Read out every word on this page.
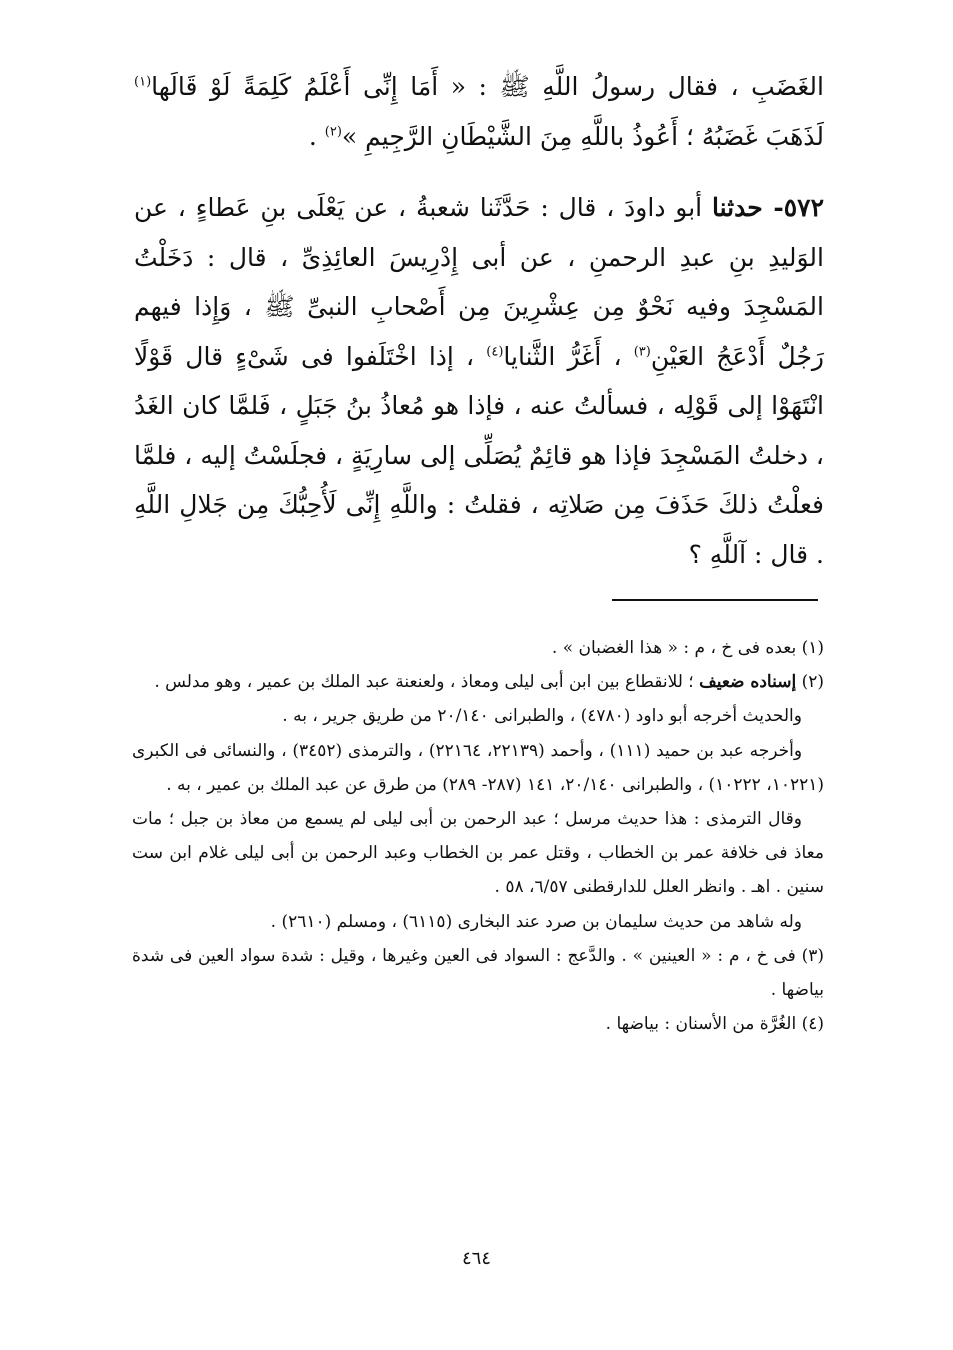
الغَضَبِ ، فقال رسولُ اللَّهِ ﷺ : « أَمَا إِنِّى أَعْلَمُ كَلِمَةً لَوْ قَالَها$^{(١)}$ لَذَهَبَ غَضَبُهُ ؛ أَعُوذُ باللَّهِ مِنَ الشَّيْطَانِ الرَّجِيمِ »$^{(٢)}$ .

٥٧٢- حدثنا أبو داودَ ، قال : حَدَّثَنا شعبةُ ، عن يَعْلَى بنِ عَطاءٍ ، عن الوَليدِ بنِ عبدِ الرحمنِ ، عن أبى إِدْرِيسَ العائِذِىِّ ، قال : دَخَلْتُ المَسْجِدَ وفيه نَحْوٌ مِن عِشْرِينَ مِن أَصْحابِ النبىِّ ﷺ ، وَإِذا فيهم رَجُلٌ أَدْعَجُ العَيْنِ$^{(٣)}$ ، أَغَرُّ الثَّنايا$^{(٤)}$ ، إذا اخْتَلَفوا فى شَىْءٍ قال قَوْلًا انْتَهَوْا إلى قَوْلِه ، فسألتُ عنه ، فإذا هو مُعاذُ بنُ جَبَلٍ ، فَلمَّا كان الغَدُ ، دخلتُ المَسْجِدَ فإذا هو قائِمٌ يُصَلِّى إلى سارِيَةٍ ، فجلَسْتُ إليه ، فلمَّا فعلْتُ ذلكَ حَذَفَ مِن صَلاتِه ، فقلتُ : واللَّهِ إِنِّى لَأُحِبُّكَ مِن جَلالِ اللَّهِ . قال : آللَّهِ ؟

(١) بعده فى خ ، م : « هذا الغضبان » .

(٢) إسناده ضعيف ؛ للانقطاع بين ابن أبى ليلى ومعاذ ، ولعنعنة عبد الملك بن عمير ، وهو مدلس .

والحديث أخرجه أبو داود (٤٧٨٠) ، والطبرانى ٢٠/١٤٠ من طريق جرير ، به .

وأخرجه عبد بن حميد (١١١) ، وأحمد (٢٢١٣٩، ٢٢١٦٤) ، والترمذى (٣٤٥٢) ، والنسائى فى الكبرى (١٠٢٢١، ١٠٢٢٢) ، والطبرانى ٢٠/١٤٠، ١٤١ (٢٨٧- ٢٨٩) من طرق عن عبد الملك بن عمير ، به .

وقال الترمذى : هذا حديث مرسل ؛ عبد الرحمن بن أبى ليلى لم يسمع من معاذ بن جبل ؛ مات معاذ فى خلافة عمر بن الخطاب ، وقتل عمر بن الخطاب وعبد الرحمن بن أبى ليلى غلام ابن ست سنين . اهـ . وانظر العلل للدارقطنى ٦/٥٧، ٥٨ .

وله شاهد من حديث سليمان بن صرد عند البخارى (٦١١٥) ، ومسلم (٢٦١٠) .

(٣) فى خ ، م : « العينين » . والدَّعج : السواد فى العين وغيرها ، وقيل : شدة سواد العين فى شدة بياضها .

(٤) الغُرَّة من الأسنان : بياضها .

٤٦٤
